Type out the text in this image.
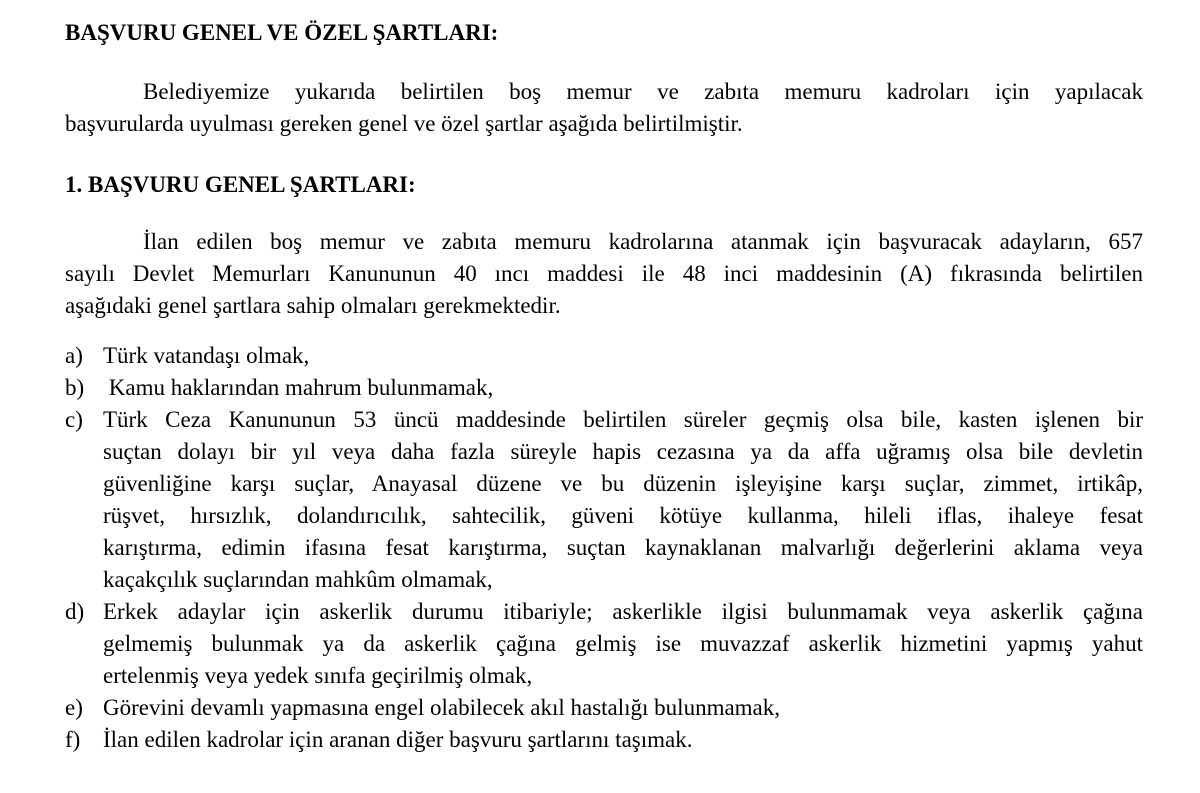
BAŞVURU GENEL VE ÖZEL ŞARTLARI:
Belediyemize yukarıda belirtilen boş memur ve zabıta memuru kadroları için yapılacak
başvurularda uyulması gereken genel ve özel şartlar aşağıda belirtilmiştir.
1. BAŞVURU GENEL ŞARTLARI:
İlan edilen boş memur ve zabıta memuru kadrolarına atanmak için başvuracak adayların, 657
sayılı Devlet Memurları Kanununun 40 ıncı maddesi ile 48 inci maddesinin (A) fıkrasında belirtilen
aşağıdaki genel şartlara sahip olmaları gerekmektedir.
a) Türk vatandaşı olmak,
b) Kamu haklarından mahrum bulunmamak,
c) Türk Ceza Kanununun 53 üncü maddesinde belirtilen süreler geçmiş olsa bile, kasten işlenen bir
suçtan dolayı bir yıl veya daha fazla süreyle hapis cezasına ya da affa uğramış olsa bile devletin
güvenliğine karşı suçlar, Anayasal düzene ve bu düzenin işleyişine karşı suçlar, zimmet, irtikâp,
rüşvet, hırsızlık, dolandırıcılık, sahtecilik, güveni kötüye kullanma, hileli iflas, ihaleye fesat
karıştırma, edimin ifasına fesat karıştırma, suçtan kaynaklanan malvarlığı değerlerini aklama veya
kaçakçılık suçlarından mahkûm olmamak,
d) Erkek adaylar için askerlik durumu itibariyle; askerlikle ilgisi bulunmamak veya askerlik çağına
gelmemiş bulunmak ya da askerlik çağına gelmiş ise muvazzaf askerlik hizmetini yapmış yahut
ertelenmiş veya yedek sınıfa geçirilmiş olmak,
e) Görevini devamlı yapmasına engel olabilecek akıl hastalığı bulunmamak,
f) İlan edilen kadrolar için aranan diğer başvuru şartlarını taşımak.
